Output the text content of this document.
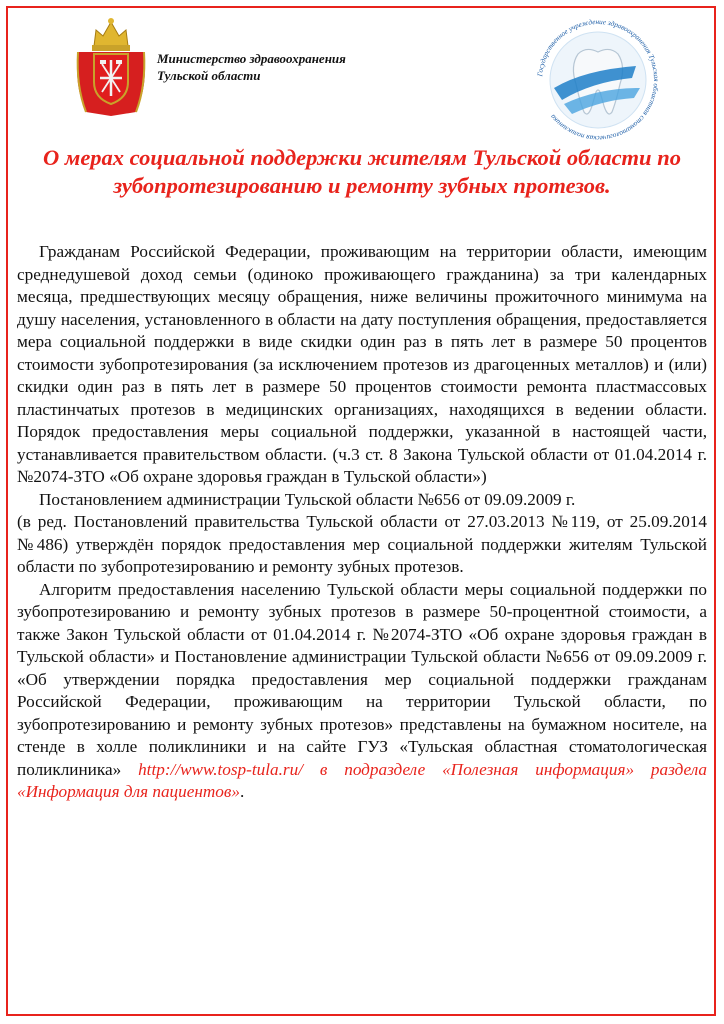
Министерство здравоохранения
Тульской области	Государственное учреждение здравоохранения Тульская областная стоматологическая поликлиника
О мерах социальной поддержки жителям Тульской области по зубопротезированию и ремонту зубных протезов.

Гражданам Российской Федерации, проживающим на территории области, имеющим среднедушевой доход семьи (одиноко проживающего гражданина) за три календарных месяца, предшествующих месяцу обращения, ниже величины прожиточного минимума на душу населения, установленного в области на дату поступления обращения, предоставляется мера социальной поддержки в виде скидки один раз в пять лет в размере 50 процентов стоимости зубопротезирования (за исключением протезов из драгоценных металлов) и (или) скидки один раз в пять лет в размере 50 процентов стоимости ремонта пластмассовых пластинчатых протезов в медицинских организациях, находящихся в ведении области. Порядок предоставления меры социальной поддержки, указанной в настоящей части, устанавливается правительством области. (ч.3 ст. 8 Закона Тульской области от 01.04.2014 г. №2074-ЗТО «Об охране здоровья граждан в Тульской области»)

Постановлением администрации Тульской области №656 от 09.09.2009 г.

(в ред. Постановлений правительства Тульской области от 27.03.2013 №119, от 25.09.2014 №486) утверждён порядок предоставления мер социальной поддержки жителям Тульской области по зубопротезированию и ремонту зубных протезов.

Алгоритм предоставления населению Тульской области меры социальной поддержки по зубопротезированию и ремонту зубных протезов в размере 50-процентной стоимости, а также Закон Тульской области от 01.04.2014 г. №2074-ЗТО «Об охране здоровья граждан в Тульской области» и Постановление администрации Тульской области №656 от 09.09.2009 г. «Об утверждении порядка предоставления мер социальной поддержки гражданам Российской Федерации, проживающим на территории Тульской области, по зубопротезированию и ремонту зубных протезов» представлены на бумажном носителе, на стенде в холле поликлиники и на сайте ГУЗ «Тульская областная стоматологическая поликлиника» http://www.tosp-tula.ru/ в подразделе «Полезная информация» раздела «Информация для пациентов».
